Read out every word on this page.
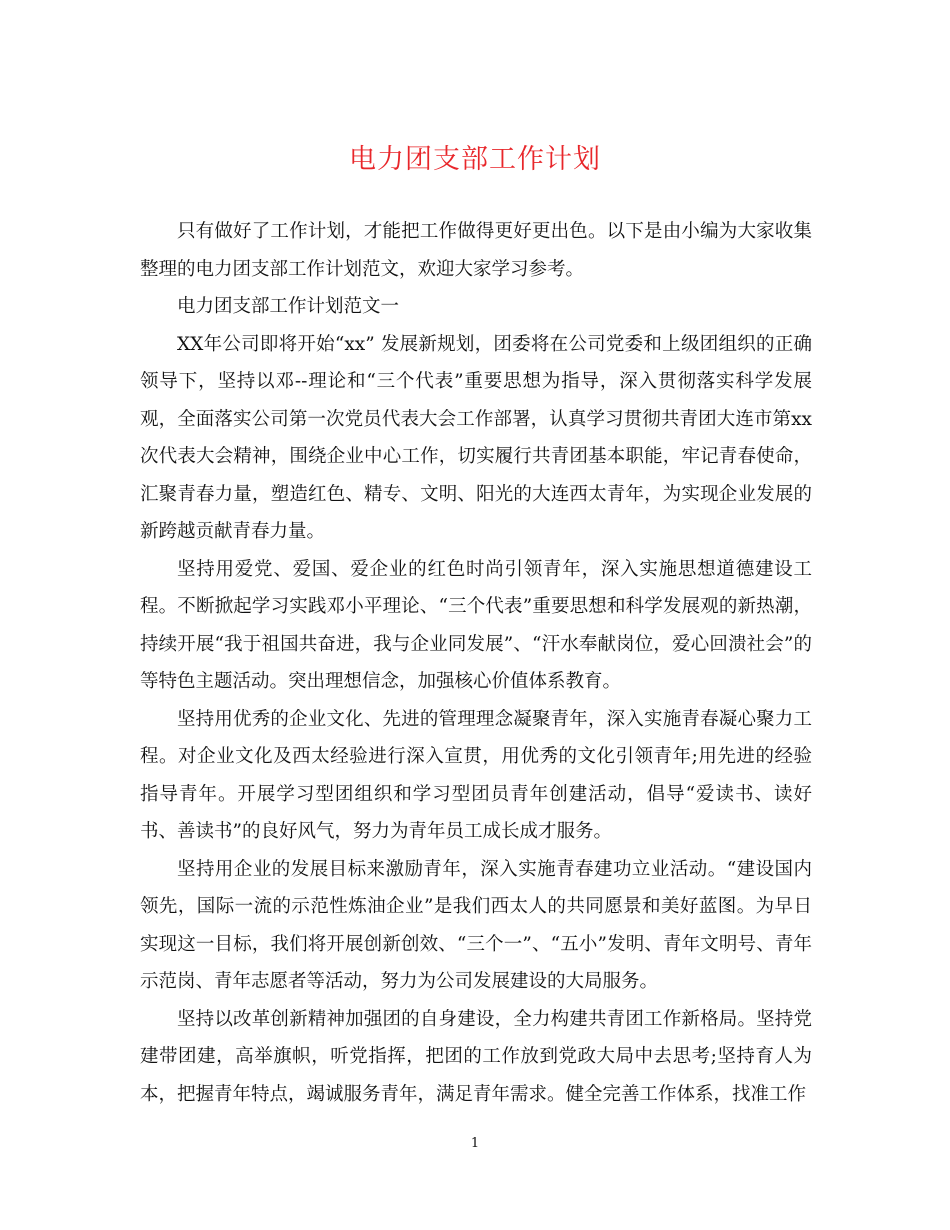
电力团支部工作计划

只有做好了工作计划，才能把工作做得更好更出色。以下是由小编为大家收集整理的电力团支部工作计划范文，欢迎大家学习参考。

电力团支部工作计划范文一

XX年公司即将开始“xx” 发展新规划，团委将在公司党委和上级团组织的正确领导下，坚持以邓--理论和“三个代表”重要思想为指导，深入贯彻落实科学发展观，全面落实公司第一次党员代表大会工作部署，认真学习贯彻共青团大连市第xx次代表大会精神，围绕企业中心工作，切实履行共青团基本职能，牢记青春使命，汇聚青春力量，塑造红色、精专、文明、阳光的大连西太青年，为实现企业发展的新跨越贡献青春力量。

坚持用爱党、爱国、爱企业的红色时尚引领青年，深入实施思想道德建设工程。不断掀起学习实践邓小平理论、“三个代表”重要思想和科学发展观的新热潮，持续开展“我于祖国共奋进，我与企业同发展”、“汗水奉献岗位，爱心回溃社会”的等特色主题活动。突出理想信念，加强核心价值体系教育。

坚持用优秀的企业文化、先进的管理理念凝聚青年，深入实施青春凝心聚力工程。对企业文化及西太经验进行深入宣贯，用优秀的文化引领青年;用先进的经验指导青年。开展学习型团组织和学习型团员青年创建活动，倡导“爱读书、读好书、善读书”的良好风气，努力为青年员工成长成才服务。

坚持用企业的发展目标来激励青年，深入实施青春建功立业活动。“建设国内领先，国际一流的示范性炼油企业”是我们西太人的共同愿景和美好蓝图。为早日实现这一目标，我们将开展创新创效、“三个一”、“五小”发明、青年文明号、青年示范岗、青年志愿者等活动，努力为公司发展建设的大局服务。

坚持以改革创新精神加强团的自身建设，全力构建共青团工作新格局。坚持党建带团建，高举旗帜，听党指挥，把团的工作放到党政大局中去思考;坚持育人为本，把握青年特点，竭诚服务青年，满足青年需求。健全完善工作体系，找准工作

1
